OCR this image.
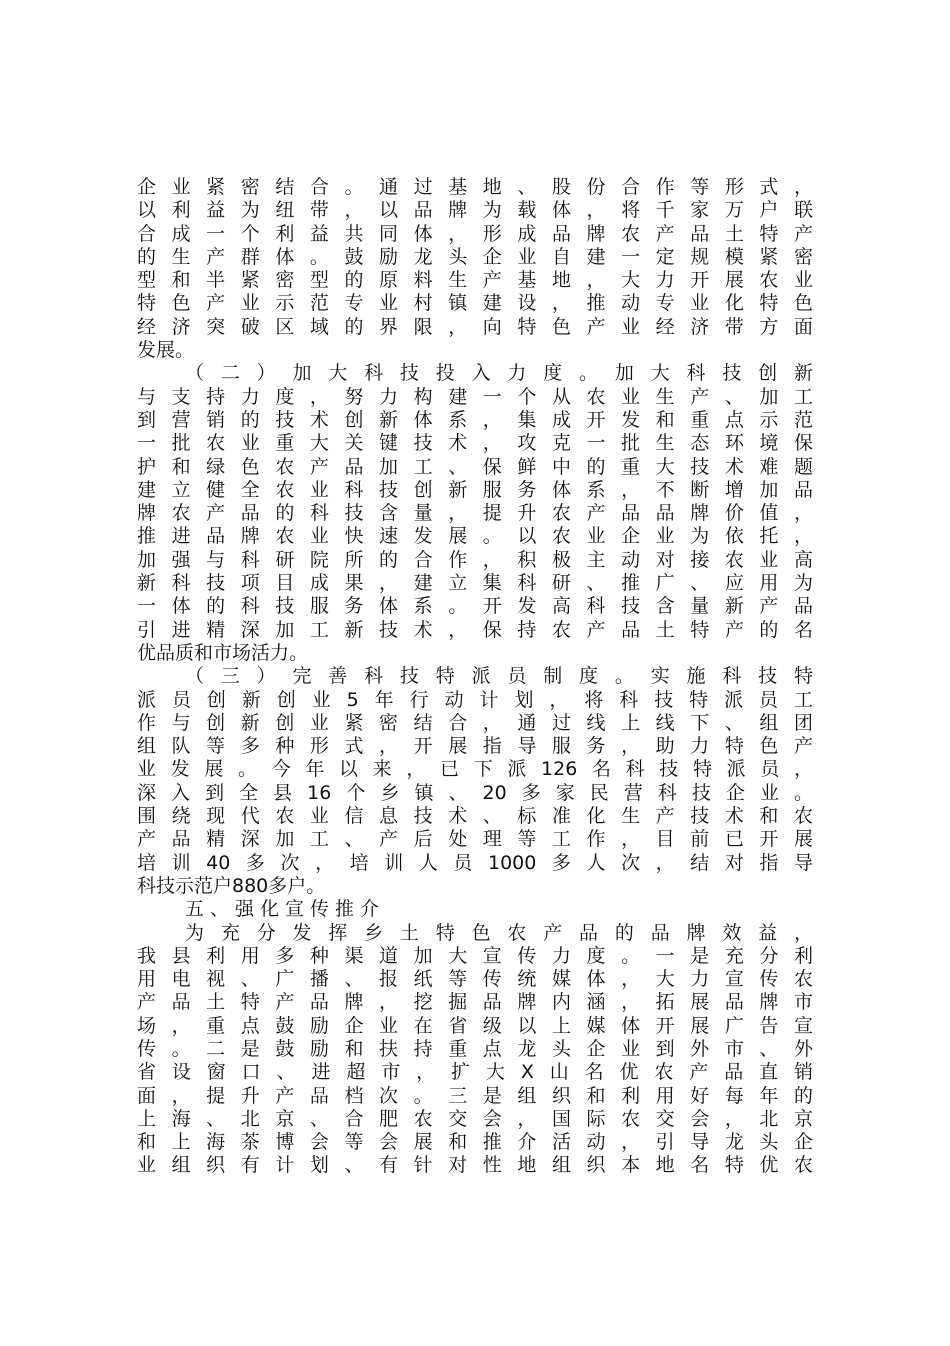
企业紧密结合。通过基地、股份合作等形式，
以利益为纽带，以品牌为载体，将千家万户联
合成一个利益共同体，形成品牌农产品土特产
的生产群体。鼓励龙头企业自建一定规模紧密
型和半紧密型的原料生产基地，大力开展农业
特色产业示范专业村镇建设，推动专业化特色
经济突破区域的界限，向特色产业经济带方面
发展。
（二）加大科技投入力度。加大科技创新
与支持力度，努力构建一个从农业生产、加工
到营销的技术创新体系，集成开发和重点示范
一批农业重大关键技术，攻克一批生态环境保
护和绿色农产品加工、保鲜中的重大技术难题
建立健全农业科技创新服务体系，不断增加品
牌农产品的科技含量，提升农产品品牌价值，
推进品牌农业快速发展。以农业企业为依托，
加强与科研院所的合作，积极主动对接农业高
新科技项目成果，建立集科研、推广、应用为
一体的科技服务体系。开发高科技含量新产品
引进精深加工新技术，保持农产品土特产的名
优品质和市场活力。
（三）完善科技特派员制度。实施科技特
派员创新创业5年行动计划，将科技特派员工
作与创新创业紧密结合，通过线上线下、组团
组队等多种形式，开展指导服务，助力特色产
业发展。今年以来，已下派126名科技特派员，
深入到全县16个乡镇、20多家民营科技企业。
围绕现代农业信息技术、标准化生产技术和农
产品精深加工、产后处理等工作，目前已开展
培训40多次，培训人员1000多人次，结对指导
科技示范户880多户。
五、强化宣传推介
为充分发挥乡土特色农产品的品牌效益，
我县利用多种渠道加大宣传力度。一是充分利
用电视、广播、报纸等传统媒体，大力宣传农
产品土特产品牌，挖掘品牌内涵，拓展品牌市
场，重点鼓励企业在省级以上媒体开展广告宣
传。二是鼓励和扶持重点龙头企业到外市、外
省设窗口、进超市，扩大X山名优农产品直销
面，提升产品档次。三是组织和利用好每年的
上海、北京、合肥农交会，国际农交会，北京
和上海茶博会等会展和推介活动，引导龙头企
业组织有计划、有针对性地组织本地名特优农
